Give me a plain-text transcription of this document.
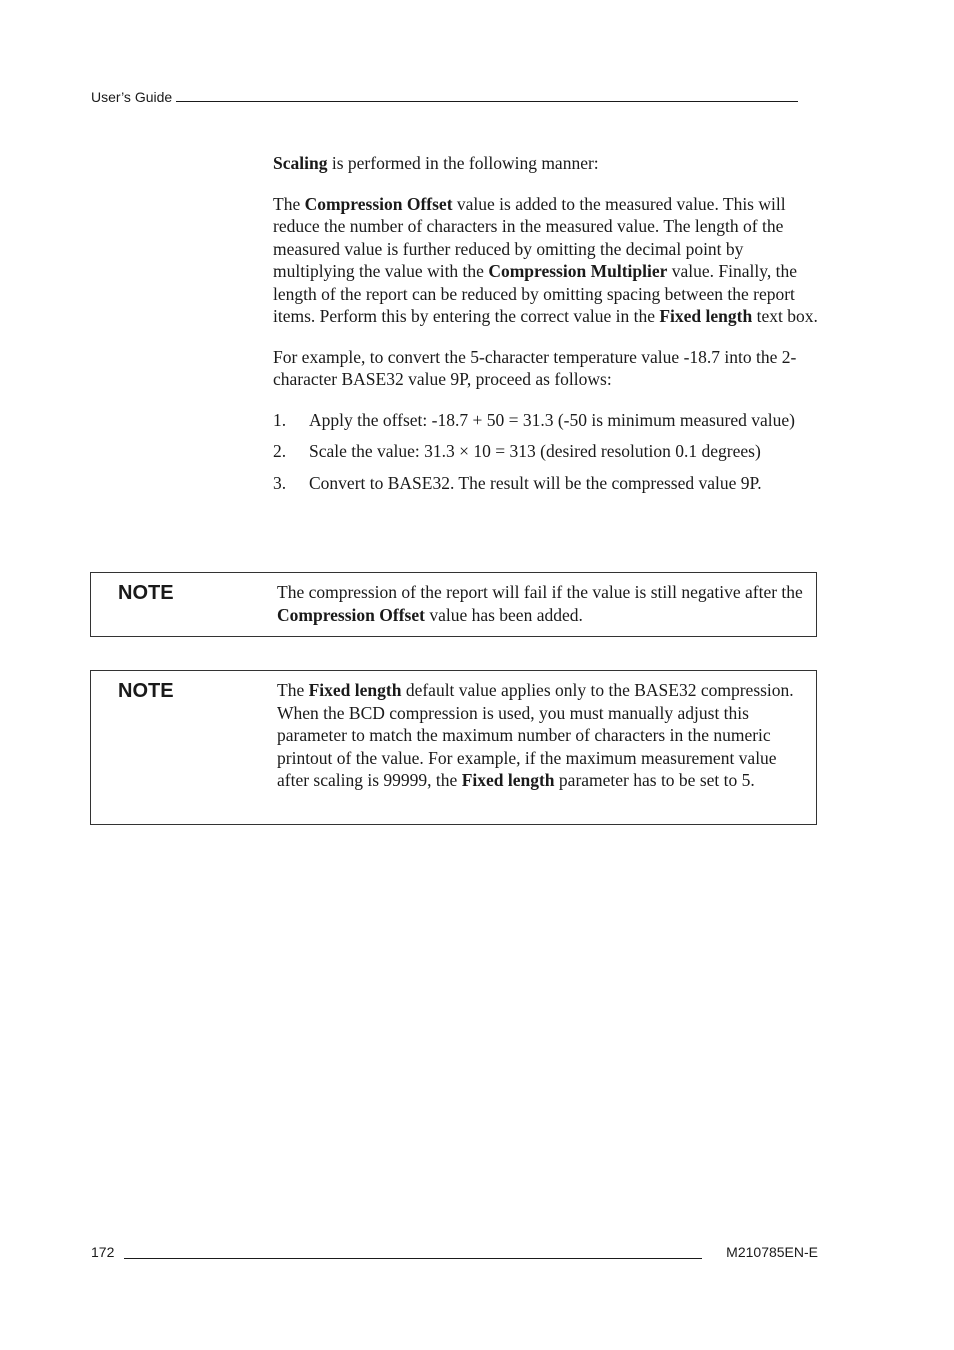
User’s Guide

Scaling is performed in the following manner:

The Compression Offset value is added to the measured value. This will reduce the number of characters in the measured value. The length of the measured value is further reduced by omitting the decimal point by multiplying the value with the Compression Multiplier value. Finally, the length of the report can be reduced by omitting spacing between the report items. Perform this by entering the correct value in the Fixed length text box.

For example, to convert the 5-character temperature value -18.7 into the 2-character BASE32 value 9P, proceed as follows:

1. Apply the offset: -18.7 + 50 = 31.3 (-50 is minimum measured value)
2. Scale the value: 31.3 × 10 = 313 (desired resolution 0.1 degrees)
3. Convert to BASE32. The result will be the compressed value 9P.
NOTE	The compression of the report will fail if the value is still negative after the Compression Offset value has been added.
NOTE	The Fixed length default value applies only to the BASE32 compression. When the BCD compression is used, you must manually adjust this parameter to match the maximum number of characters in the numeric printout of the value. For example, if the maximum measurement value after scaling is 99999, the Fixed length parameter has to be set to 5.
172	M210785EN-E
